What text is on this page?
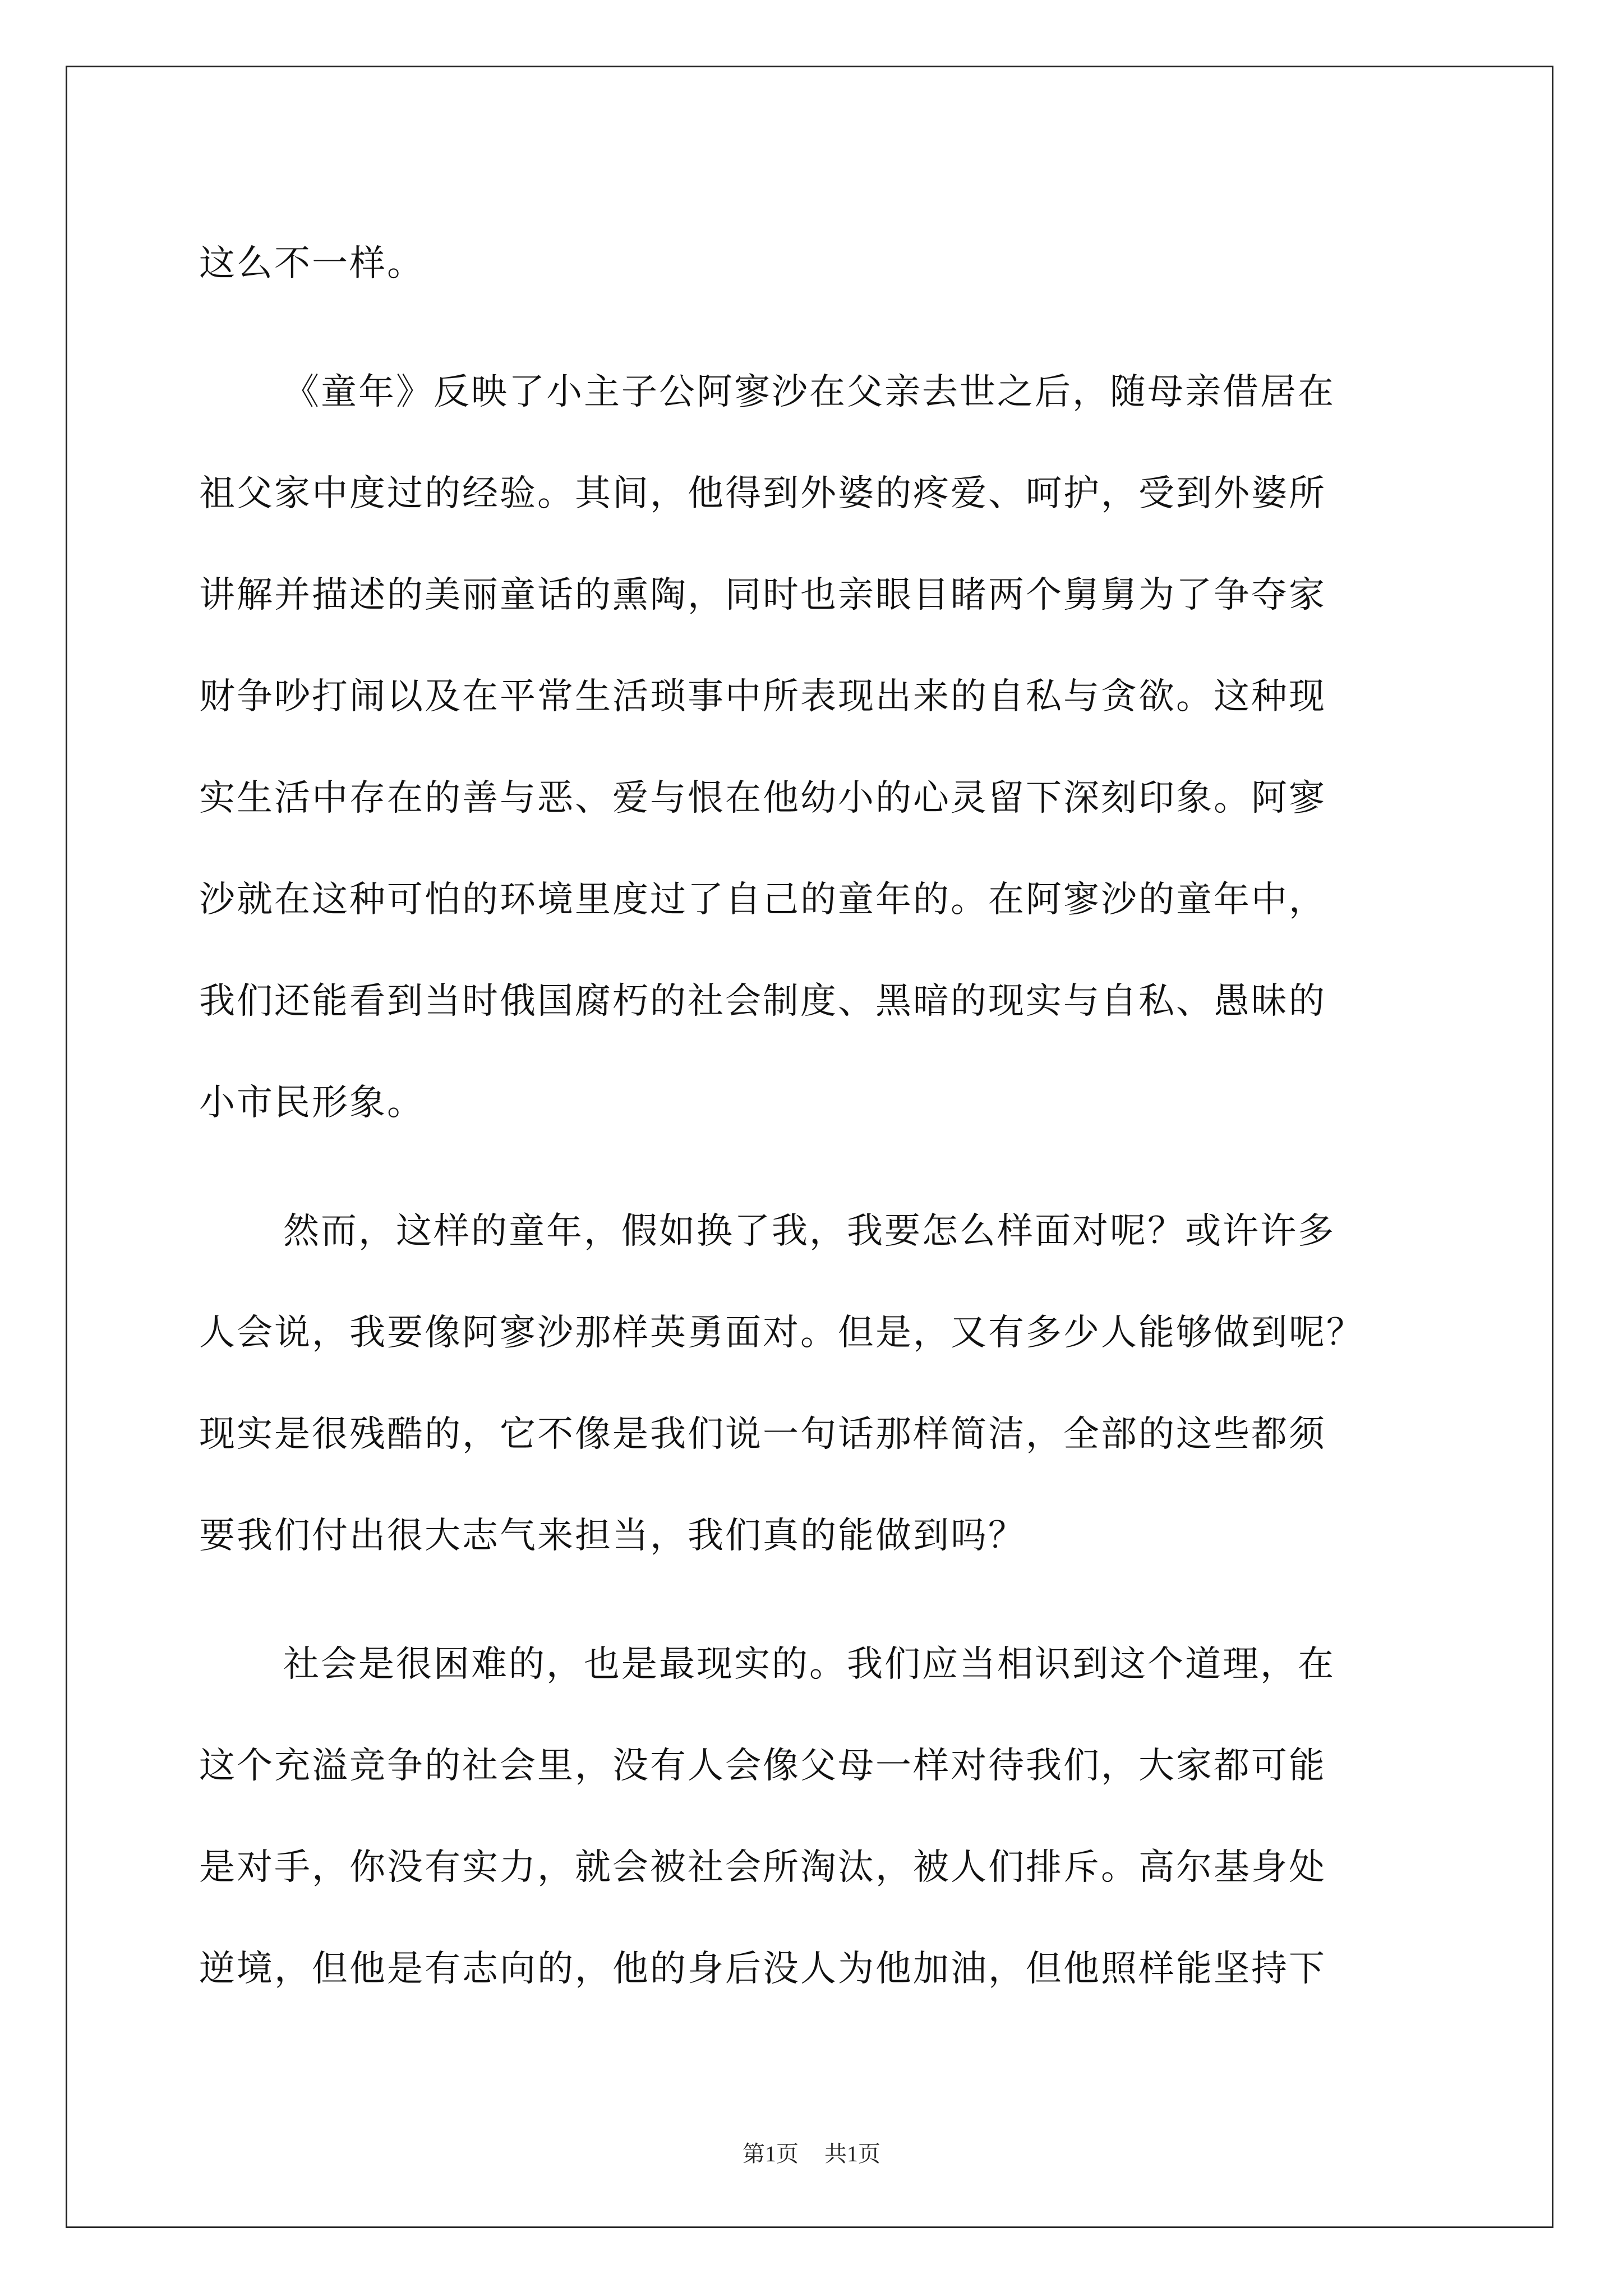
这么不一样。
《童年》反映了小主子公阿寥沙在父亲去世之后，随母亲借居在
祖父家中度过的经验。其间，他得到外婆的疼爱、呵护，受到外婆所
讲解并描述的美丽童话的熏陶，同时也亲眼目睹两个舅舅为了争夺家
财争吵打闹以及在平常生活琐事中所表现出来的自私与贪欲。这种现
实生活中存在的善与恶、爱与恨在他幼小的心灵留下深刻印象。阿寥
沙就在这种可怕的环境里度过了自己的童年的。在阿寥沙的童年中，
我们还能看到当时俄国腐朽的社会制度、黑暗的现实与自私、愚昧的
小市民形象。
然而，这样的童年，假如换了我，我要怎么样面对呢？或许许多
人会说，我要像阿寥沙那样英勇面对。但是，又有多少人能够做到呢？
现实是很残酷的，它不像是我们说一句话那样简洁，全部的这些都须
要我们付出很大志气来担当，我们真的能做到吗？
社会是很困难的，也是最现实的。我们应当相识到这个道理，在
这个充溢竞争的社会里，没有人会像父母一样对待我们，大家都可能
是对手，你没有实力，就会被社会所淘汰，被人们排斥。高尔基身处
逆境，但他是有志向的，他的身后没人为他加油，但他照样能坚持下
第1页 共1页
